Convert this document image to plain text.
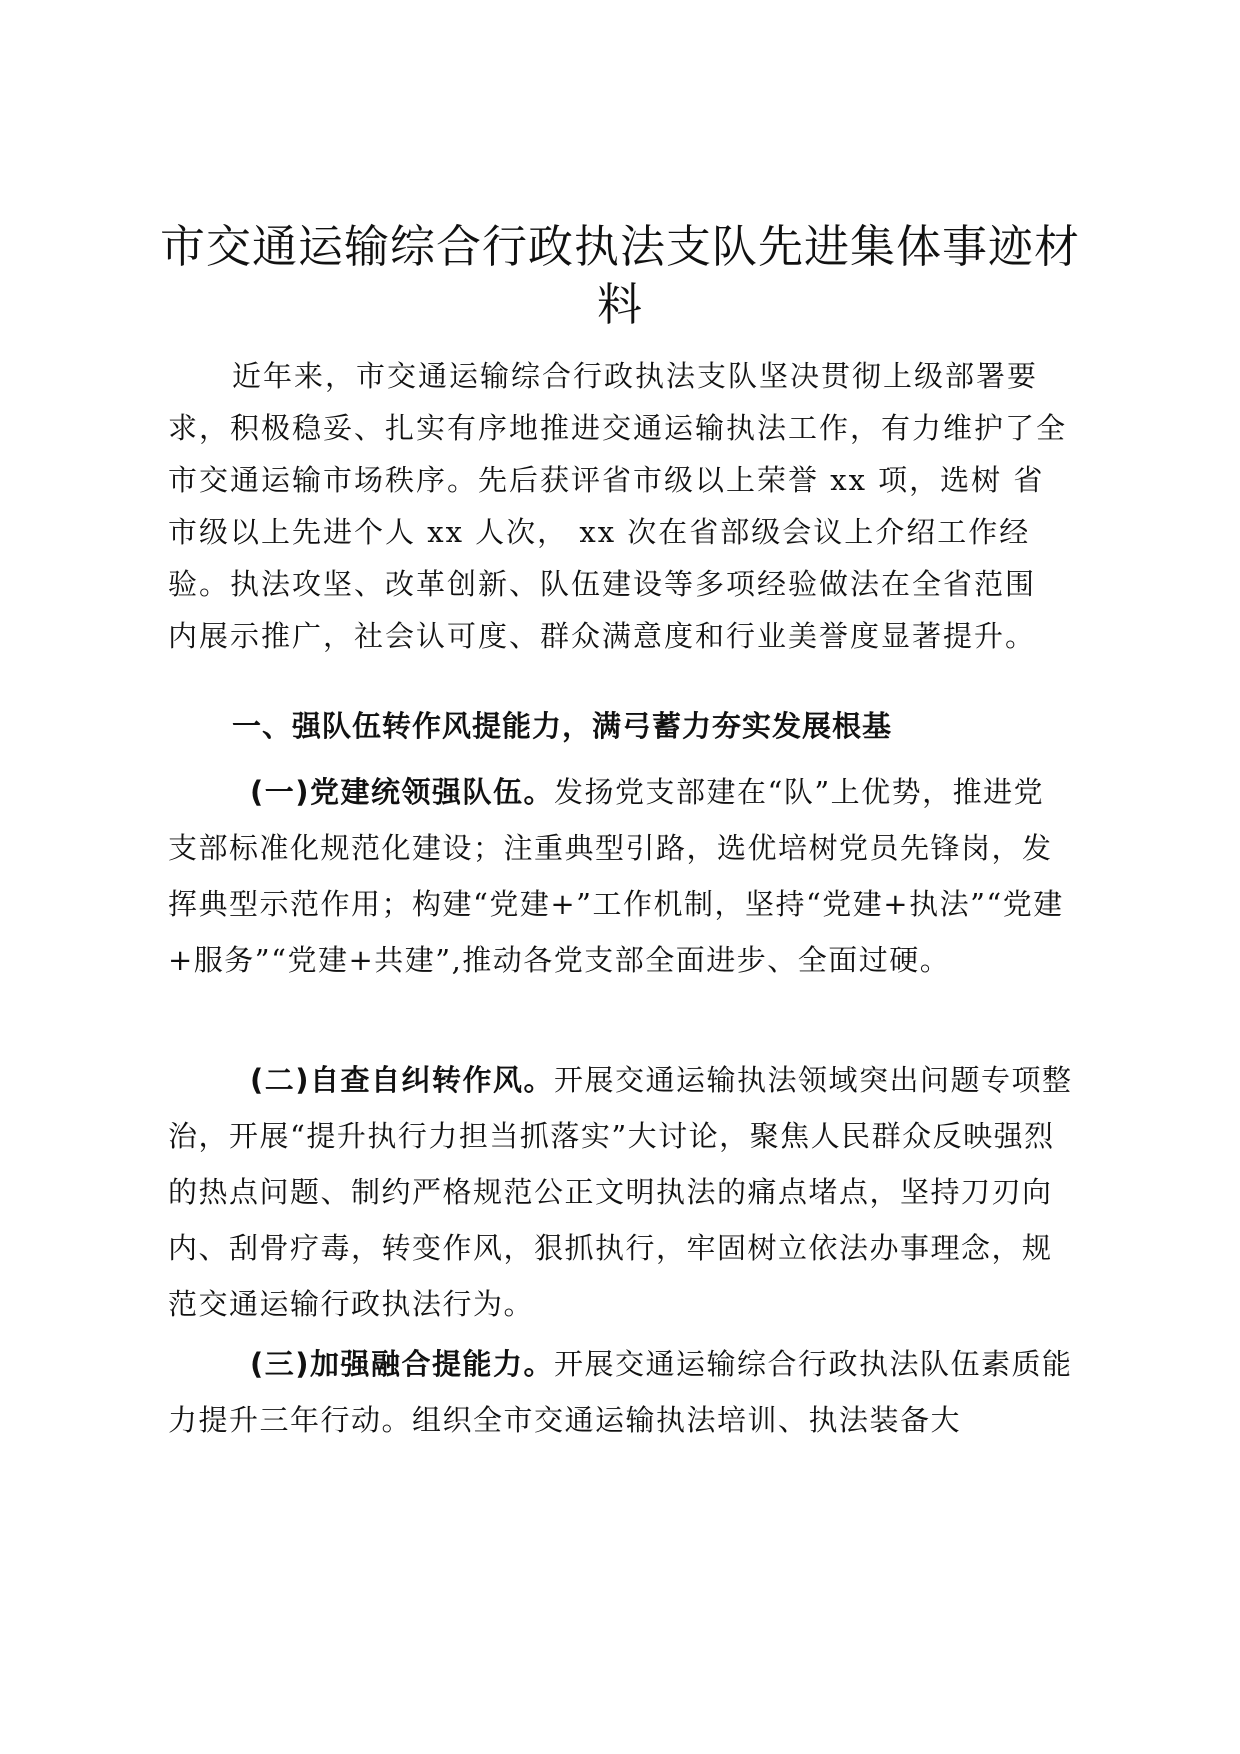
市交通运输综合行政执法支队先进集体事迹材料

近年来，市交通运输综合行政执法支队坚决贯彻上级部署要求，积极稳妥、扎实有序地推进交通运输执法工作，有力维护了全市交通运输市场秩序。先后获评省市级以上荣誉 xx 项，选树 省市级以上先进个人 xx 人次， xx 次在省部级会议上介绍工作经 验。执法攻坚、改革创新、队伍建设等多项经验做法在全省范围
内展示推广，社会认可度、群众满意度和行业美誉度显著提升。

一、强队伍转作风提能力，满弓蓄力夯实发展根基

(一)党建统领强队伍。发扬党支部建在“队”上优势，推进党支部标准化规范化建设；注重典型引路，选优培树党员先锋岗，发挥典型示范作用；构建“党建+”工作机制，坚持“党建+执法”“党建+服务”“党建+共建”,推动各党支部全面进步、全面过硬。

(二)自查自纠转作风。开展交通运输执法领域突出问题专项整治，开展“提升执行力担当抓落实”大讨论，聚焦人民群众反映强烈的热点问题、制约严格规范公正文明执法的痛点堵点，坚持刀刃向内、刮骨疗毒，转变作风，狠抓执行，牢固树立依法办事理念，规范交通运输行政执法行为。

(三)加强融合提能力。开展交通运输综合行政执法队伍素质能力提升三年行动。组织全市交通运输执法培训、执法装备大
